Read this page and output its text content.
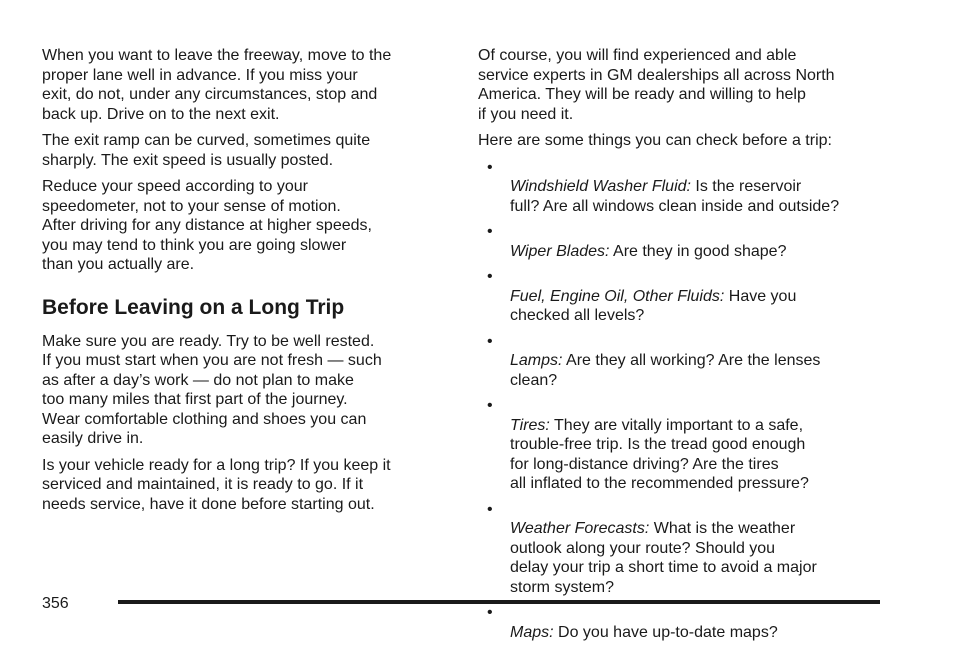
When you want to leave the freeway, move to the
proper lane well in advance. If you miss your
exit, do not, under any circumstances, stop and
back up. Drive on to the next exit.

The exit ramp can be curved, sometimes quite
sharply. The exit speed is usually posted.

Reduce your speed according to your
speedometer, not to your sense of motion.
After driving for any distance at higher speeds,
you may tend to think you are going slower
than you actually are.

Before Leaving on a Long Trip

Make sure you are ready. Try to be well rested.
If you must start when you are not fresh — such
as after a day’s work — do not plan to make
too many miles that first part of the journey.
Wear comfortable clothing and shoes you can
easily drive in.

Is your vehicle ready for a long trip? If you keep it
serviced and maintained, it is ready to go. If it
needs service, have it done before starting out.

Of course, you will find experienced and able
service experts in GM dealerships all across North
America. They will be ready and willing to help
if you need it.

Here are some things you can check before a trip:

•
Windshield Washer Fluid: Is the reservoir
full? Are all windows clean inside and outside?

•
Wiper Blades: Are they in good shape?

•
Fuel, Engine Oil, Other Fluids: Have you
checked all levels?

•
Lamps: Are they all working? Are the lenses
clean?

•
Tires: They are vitally important to a safe,
trouble-free trip. Is the tread good enough
for long-distance driving? Are the tires
all inflated to the recommended pressure?

•
Weather Forecasts: What is the weather
outlook along your route? Should you
delay your trip a short time to avoid a major
storm system?

•
Maps: Do you have up-to-date maps?

356
